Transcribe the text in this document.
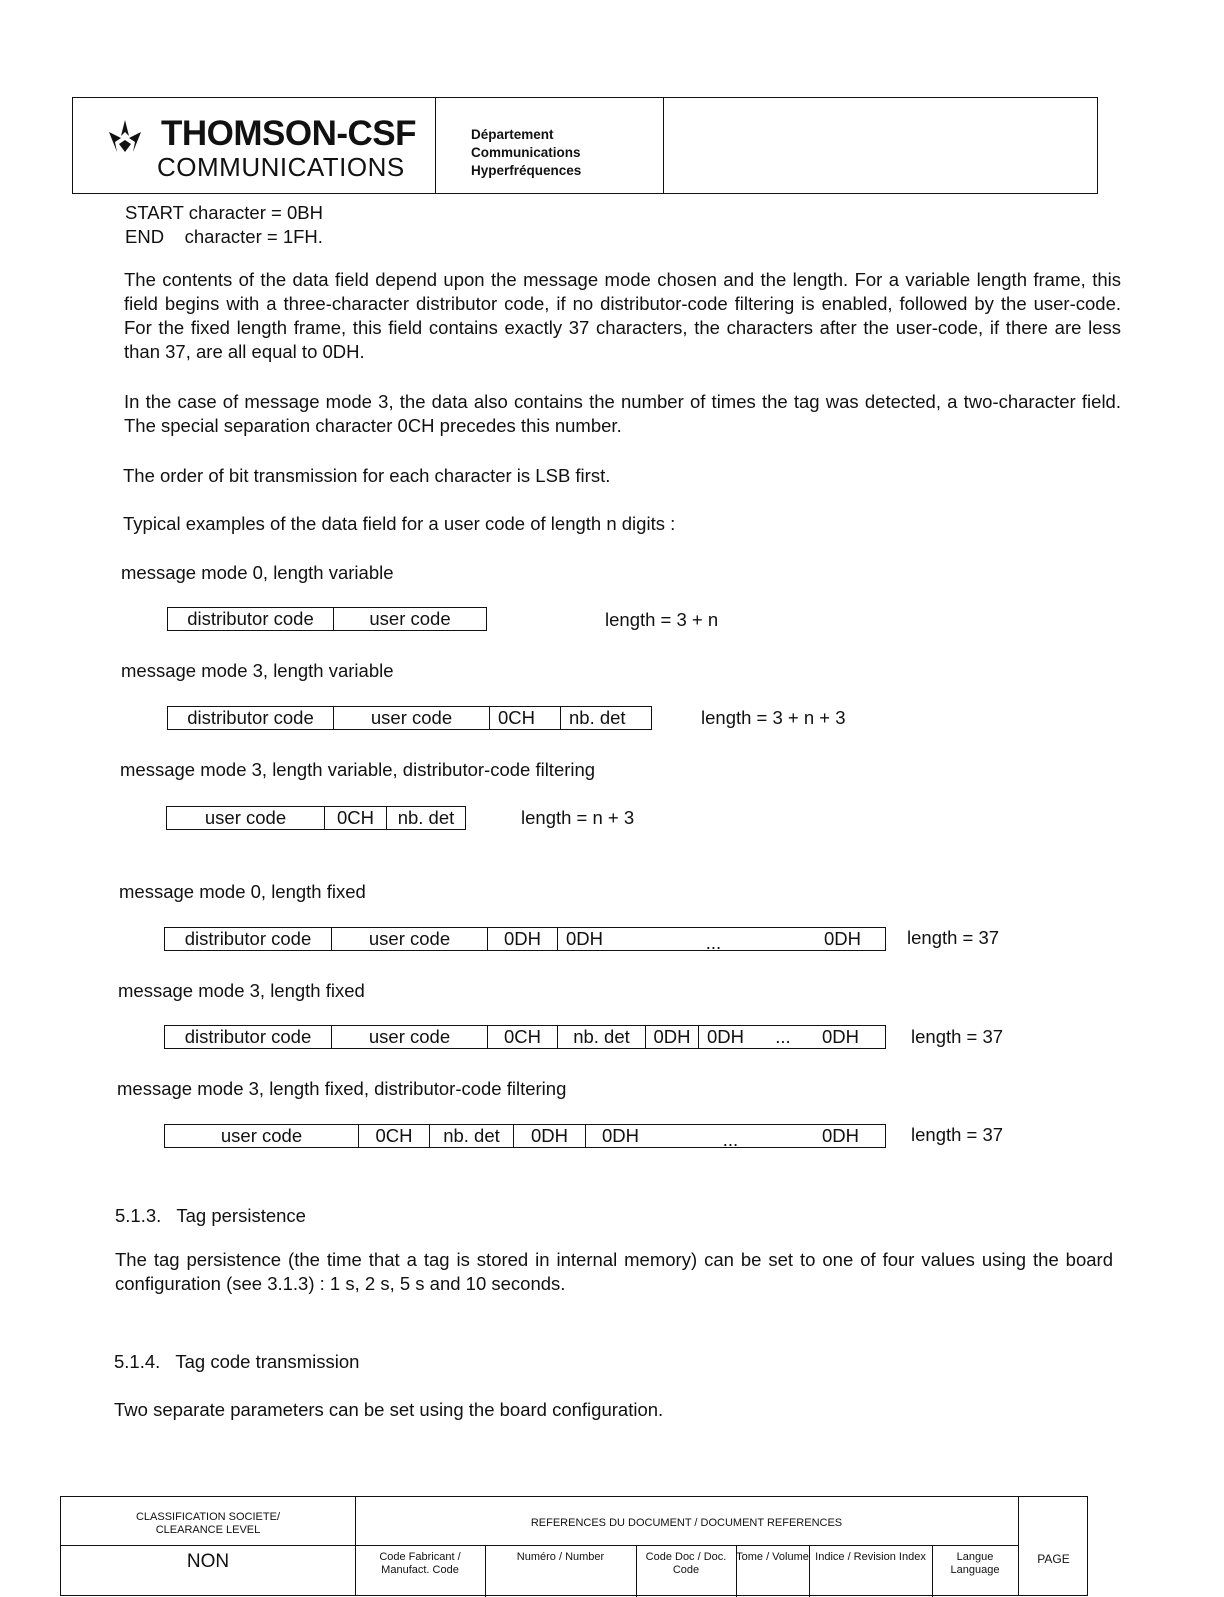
THOMSON-CSF
COMMUNICATIONS
Département
Communications
Hyperfréquences
START character = 0BH
END    character = 1FH.
The contents of the data field depend upon the message mode chosen and the length. For a variable length frame, this field begins with a three-character distributor code, if no distributor-code filtering is enabled, followed by the user-code. For the fixed length frame, this field contains exactly 37 characters, the characters after the user-code, if there are less than 37, are all equal to 0DH.
In the case of message mode 3, the data also contains the number of times the tag was detected, a two-character field. The special separation character 0CH precedes this number.
The order of bit transmission for each character is LSB first.
Typical examples of the data field for a user code of length n digits :
message mode 0, length variable
distributor code	user code	length = 3 + n
message mode 3, length variable
distributor code	user code	0CH	nb. det	length = 3 + n + 3
message mode 3, length variable, distributor-code filtering
user code	0CH	nb. det	length = n + 3
message mode 0, length fixed
distributor code	user code	0DH	0DH	...	0DH length = 37
message mode 3, length fixed
distributor code	user code	0CH	nb. det	0DH 0DH ... 0DH	length = 37
message mode 3, length fixed, distributor-code filtering
user code	0CH	nb. det	0DH	0DH	...	0DH	length = 37
5.1.3.   Tag persistence
The tag persistence (the time that a tag is stored in internal memory) can be set to one of four values using the board configuration (see 3.1.3) : 1 s, 2 s, 5 s and 10 seconds.
5.1.4.   Tag code transmission
Two separate parameters can be set using the board configuration.
CLASSIFICATION SOCIETE/
CLEARANCE LEVEL
NON
REFERENCES DU DOCUMENT / DOCUMENT REFERENCES
Code Fabricant / Manufact. Code
Numéro / Number	Code Doc / Doc. Code
Tome / Volume Indice / Revision Index	Langue Language
PAGE
